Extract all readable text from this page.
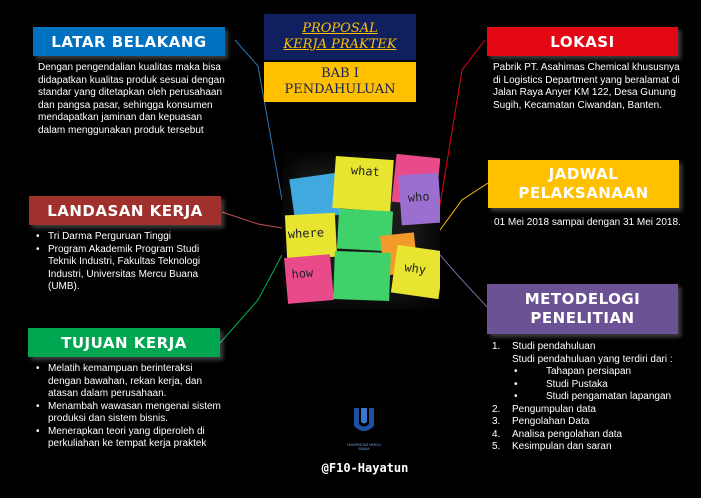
PROPOSAL
KERJA PRAKTEK
BAB I
PENDAHULUAN
LATAR BELAKANG
Dengan pengendalian kualitas maka bisa didapatkan kualitas produk sesuai dengan standar yang ditetapkan oleh perusahaan dan pangsa pasar, sehingga konsumen mendapatkan jaminan dan kepuasan dalam menggunakan produk tersebut
LANDASAN KERJA
• Tri Darma Perguruan Tinggi
• Program Akademik Program Studi Teknik Industri, Fakultas Teknologi Industri, Universitas Mercu Buana (UMB).
TUJUAN KERJA
• Melatih kemampuan berinteraksi dengan bawahan, rekan kerja, dan atasan dalam perusahaan.
• Menambah wawasan mengenai sistem produksi dan sistem bisnis.
• Menerapkan teori yang diperoleh di perkuliahan ke tempat kerja praktek
what
who
where
why
how
UNIVERSITAS MERCU BUANA
@F10-Hayatun
LOKASI
Pabrik PT. Asahimas Chemical khususnya di Logistics Department yang beralamat di Jalan Raya Anyer KM 122, Desa Gunung Sugih, Kecamatan Ciwandan, Banten.
JADWAL
PELAKSANAAN
01 Mei 2018 sampai dengan 31 Mei 2018.
METODELOGI
PENELITIAN
1. Studi pendahuluan
Studi pendahuluan yang terdiri dari :
• Tahapan persiapan
• Studi Pustaka
• Studi pengamatan lapangan
2. Pengumpulan data
3. Pengolahan Data
4. Analisa pengolahan data
5. Kesimpulan dan saran
